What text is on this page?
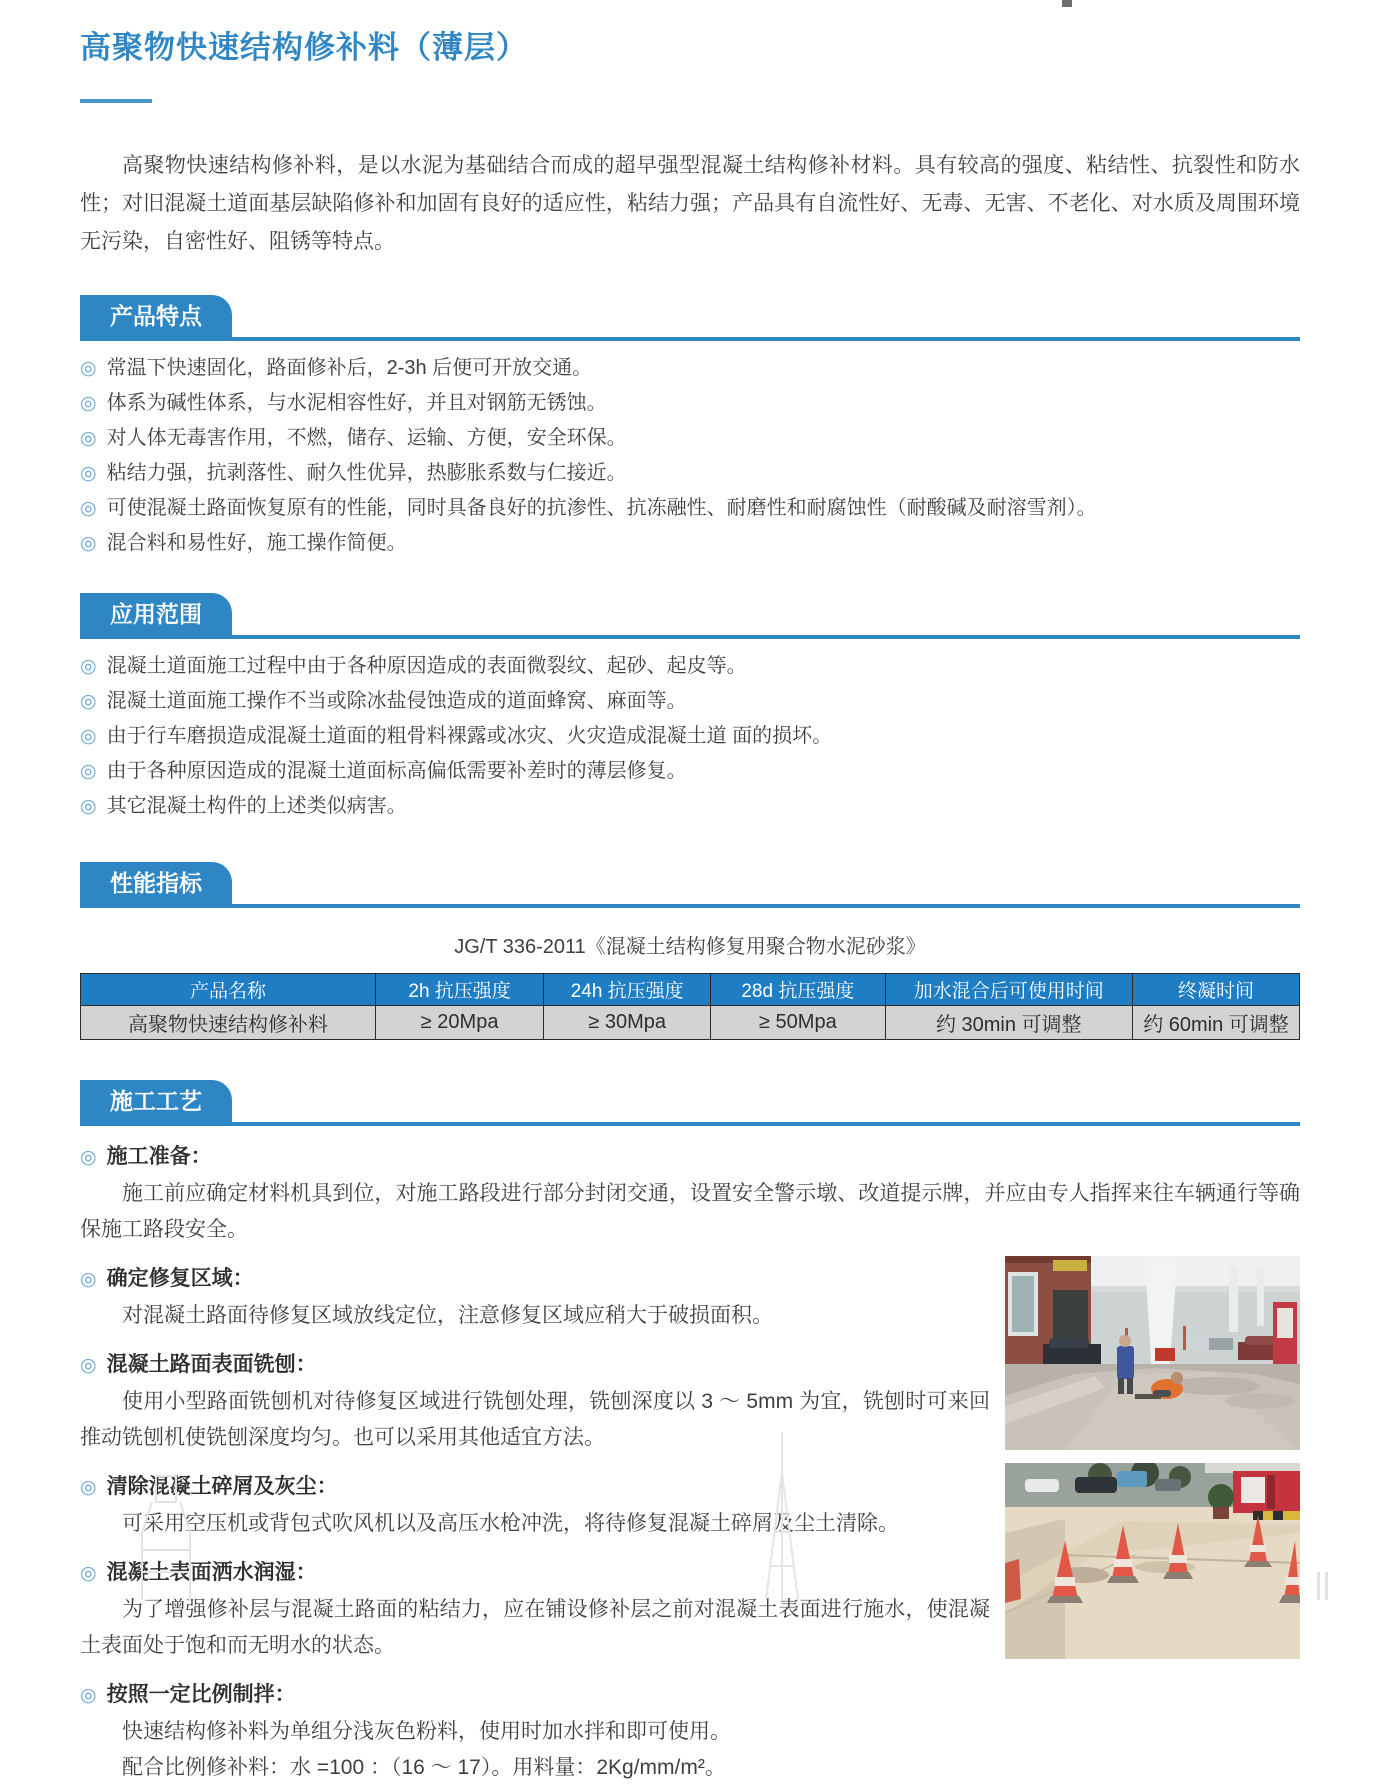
高聚物快速结构修补料（薄层）

高聚物快速结构修补料，是以水泥为基础结合而成的超早强型混凝土结构修补材料。具有较高的强度、粘结性、抗裂性和防水性；对旧混凝土道面基层缺陷修补和加固有良好的适应性，粘结力强；产品具有自流性好、无毒、无害、不老化、对水质及周围环境无污染，自密性好、阻锈等特点。

产品特点
◎ 常温下快速固化，路面修补后，2-3h 后便可开放交通。
◎ 体系为碱性体系，与水泥相容性好，并且对钢筋无锈蚀。
◎ 对人体无毒害作用，不燃，储存、运输、方便，安全环保。
◎ 粘结力强，抗剥落性、耐久性优异，热膨胀系数与仁接近。
◎ 可使混凝土路面恢复原有的性能，同时具备良好的抗渗性、抗冻融性、耐磨性和耐腐蚀性（耐酸碱及耐溶雪剂）。
◎ 混合料和易性好，施工操作简便。
应用范围
◎ 混凝土道面施工过程中由于各种原因造成的表面微裂纹、起砂、起皮等。
◎ 混凝土道面施工操作不当或除冰盐侵蚀造成的道面蜂窝、麻面等。
◎ 由于行车磨损造成混凝土道面的粗骨料裸露或冰灾、火灾造成混凝土道 面的损坏。
◎ 由于各种原因造成的混凝土道面标高偏低需要补差时的薄层修复。
◎ 其它混凝土构件的上述类似病害。
性能指标

JG/T 336-2011《混凝土结构修复用聚合物水泥砂浆》

产品名称	2h 抗压强度	24h 抗压强度	28d 抗压强度	加水混合后可使用时间	终凝时间
高聚物快速结构修补料	≥ 20Mpa	≥ 30Mpa	≥ 50Mpa	约 30min 可调整	约 60min 可调整
施工工艺

◎ 施工准备：

施工前应确定材料机具到位，对施工路段进行部分封闭交通，设置安全警示墩、改道提示牌，并应由专人指挥来往车辆通行等确保施工路段安全。

◎ 确定修复区域：

对混凝土路面待修复区域放线定位，注意修复区域应稍大于破损面积。

◎ 混凝土路面表面铣刨：

使用小型路面铣刨机对待修复区域进行铣刨处理，铣刨深度以 3 ～ 5mm 为宜，铣刨时可来回推动铣刨机使铣刨深度均匀。也可以采用其他适宜方法。

◎ 清除混凝土碎屑及灰尘：

可采用空压机或背包式吹风机以及高压水枪冲洗，将待修复混凝土碎屑及尘土清除。

◎ 混凝土表面洒水润湿：

为了增强修补层与混凝土路面的粘结力，应在铺设修补层之前对混凝土表面进行施水，使混凝土表面处于饱和而无明水的状态。

◎ 按照一定比例制拌：

快速结构修补料为单组分浅灰色粉料，使用时加水拌和即可使用。

配合比例修补料：水 =100 ：（16 ～ 17）。用料量：2Kg/mm/m²。
